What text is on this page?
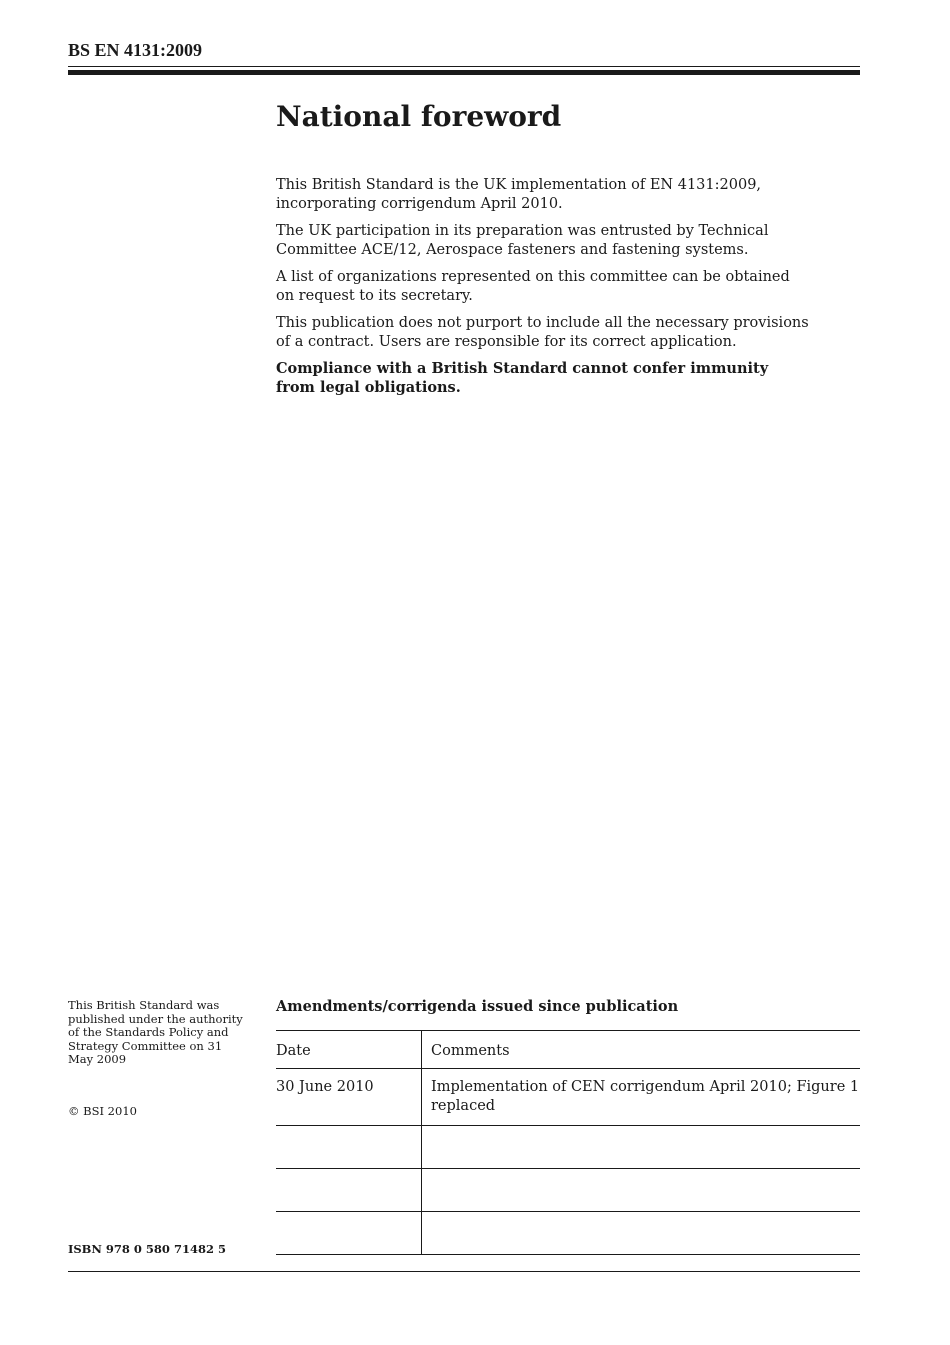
BS EN 4131:2009
National foreword

This British Standard is the UK implementation of EN 4131:2009, incorporating corrigendum April 2010.

The UK participation in its preparation was entrusted by Technical Committee ACE/12, Aerospace fasteners and fastening systems.

A list of organizations represented on this committee can be obtained on request to its secretary.

This publication does not purport to include all the necessary provisions of a contract. Users are responsible for its correct application.

Compliance with a British Standard cannot confer immunity from legal obligations.

This British Standard was published under the authority of the Standards Policy and Strategy Committee on 31 May 2009
© BSI 2010
ISBN 978 0 580 71482 5
Amendments/corrigenda issued since publication
Date	Comments
30 June 2010	Implementation of CEN corrigendum April 2010; Figure 1 replaced
